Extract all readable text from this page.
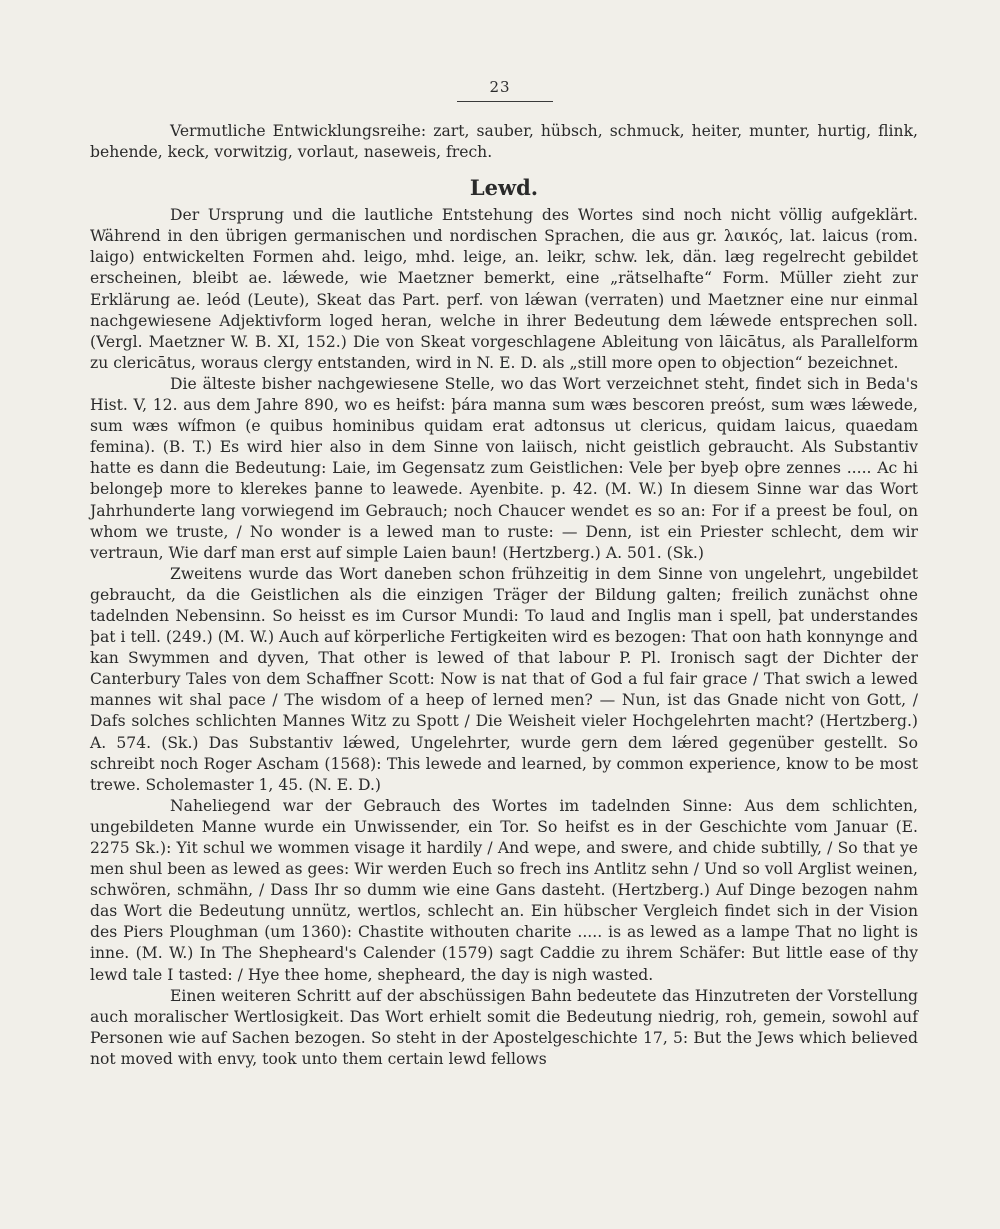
23

Vermutliche Entwicklungsreihe: zart, sauber, hübsch, schmuck, heiter, munter, hurtig, flink, behende, keck, vorwitzig, vorlaut, naseweis, frech.

Lewd.

Der Ursprung und die lautliche Entstehung des Wortes sind noch nicht völlig aufgeklärt. Während in den übrigen germanischen und nordischen Sprachen, die aus gr. λαικός, lat. laicus (rom. laigo) entwickelten Formen ahd. leigo, mhd. leige, an. leikr, schw. lek, dän. læg regelrecht gebildet erscheinen, bleibt ae. lǽwede, wie Maetzner bemerkt, eine „rätselhafte“ Form. Müller zieht zur Erklärung ae. leód (Leute), Skeat das Part. perf. von lǽwan (verraten) und Maetzner eine nur einmal nachgewiesene Adjektivform loged heran, welche in ihrer Bedeutung dem lǽwede entsprechen soll. (Vergl. Maetzner W. B. XI, 152.) Die von Skeat vorgeschlagene Ableitung von lāicātus, als Parallelform zu clericātus, woraus clergy entstanden, wird in N. E. D. als „still more open to objection“ bezeichnet.

Die älteste bisher nachgewiesene Stelle, wo das Wort verzeichnet steht, findet sich in Beda's Hist. V, 12. aus dem Jahre 890, wo es heifst: þára manna sum wæs bescoren preóst, sum wæs lǽwede, sum wæs wífmon (e quibus hominibus quidam erat adtonsus ut clericus, quidam laicus, quaedam femina). (B. T.) Es wird hier also in dem Sinne von laiisch, nicht geistlich gebraucht. Als Substantiv hatte es dann die Bedeutung: Laie, im Gegensatz zum Geistlichen: Vele þer byeþ oþre zennes ..... Ac hi belongeþ more to klerekes þanne to leawede. Ayenbite. p. 42. (M. W.) In diesem Sinne war das Wort Jahrhunderte lang vorwiegend im Gebrauch; noch Chaucer wendet es so an: For if a preest be foul, on whom we truste, / No wonder is a lewed man to ruste: — Denn, ist ein Priester schlecht, dem wir vertraun, Wie darf man erst auf simple Laien baun! (Hertzberg.) A. 501. (Sk.)

Zweitens wurde das Wort daneben schon frühzeitig in dem Sinne von ungelehrt, ungebildet gebraucht, da die Geistlichen als die einzigen Träger der Bildung galten; freilich zunächst ohne tadelnden Nebensinn. So heisst es im Cursor Mundi: To laud and Inglis man i spell, þat understandes þat i tell. (249.) (M. W.) Auch auf körperliche Fertigkeiten wird es bezogen: That oon hath konnynge and kan Swymmen and dyven, That other is lewed of that labour P. Pl. Ironisch sagt der Dichter der Canterbury Tales von dem Schaffner Scott: Now is nat that of God a ful fair grace / That swich a lewed mannes wit shal pace / The wisdom of a heep of lerned men? — Nun, ist das Gnade nicht von Gott, / Dafs solches schlichten Mannes Witz zu Spott / Die Weisheit vieler Hochgelehrten macht? (Hertzberg.) A. 574. (Sk.) Das Substantiv lǽwed, Ungelehrter, wurde gern dem lǽred gegenüber gestellt. So schreibt noch Roger Ascham (1568): This lewede and learned, by common experience, know to be most trewe. Scholemaster 1, 45. (N. E. D.)

Naheliegend war der Gebrauch des Wortes im tadelnden Sinne: Aus dem schlichten, ungebildeten Manne wurde ein Unwissender, ein Tor. So heifst es in der Geschichte vom Januar (E. 2275 Sk.): Yit schul we wommen visage it hardily / And wepe, and swere, and chide subtilly, / So that ye men shul been as lewed as gees: Wir werden Euch so frech ins Antlitz sehn / Und so voll Arglist weinen, schwören, schmähn, / Dass Ihr so dumm wie eine Gans dasteht. (Hertzberg.) Auf Dinge bezogen nahm das Wort die Bedeutung unnütz, wertlos, schlecht an. Ein hübscher Vergleich findet sich in der Vision des Piers Ploughman (um 1360): Chastite withouten charite ..... is as lewed as a lampe That no light is inne. (M. W.) In The Shepheard's Calender (1579) sagt Caddie zu ihrem Schäfer: But little ease of thy lewd tale I tasted: / Hye thee home, shepheard, the day is nigh wasted.

Einen weiteren Schritt auf der abschüssigen Bahn bedeutete das Hinzutreten der Vorstellung auch moralischer Wertlosigkeit. Das Wort erhielt somit die Bedeutung niedrig, roh, gemein, sowohl auf Personen wie auf Sachen bezogen. So steht in der Apostelgeschichte 17, 5: But the Jews which believed not moved with envy, took unto them certain lewd fellows
